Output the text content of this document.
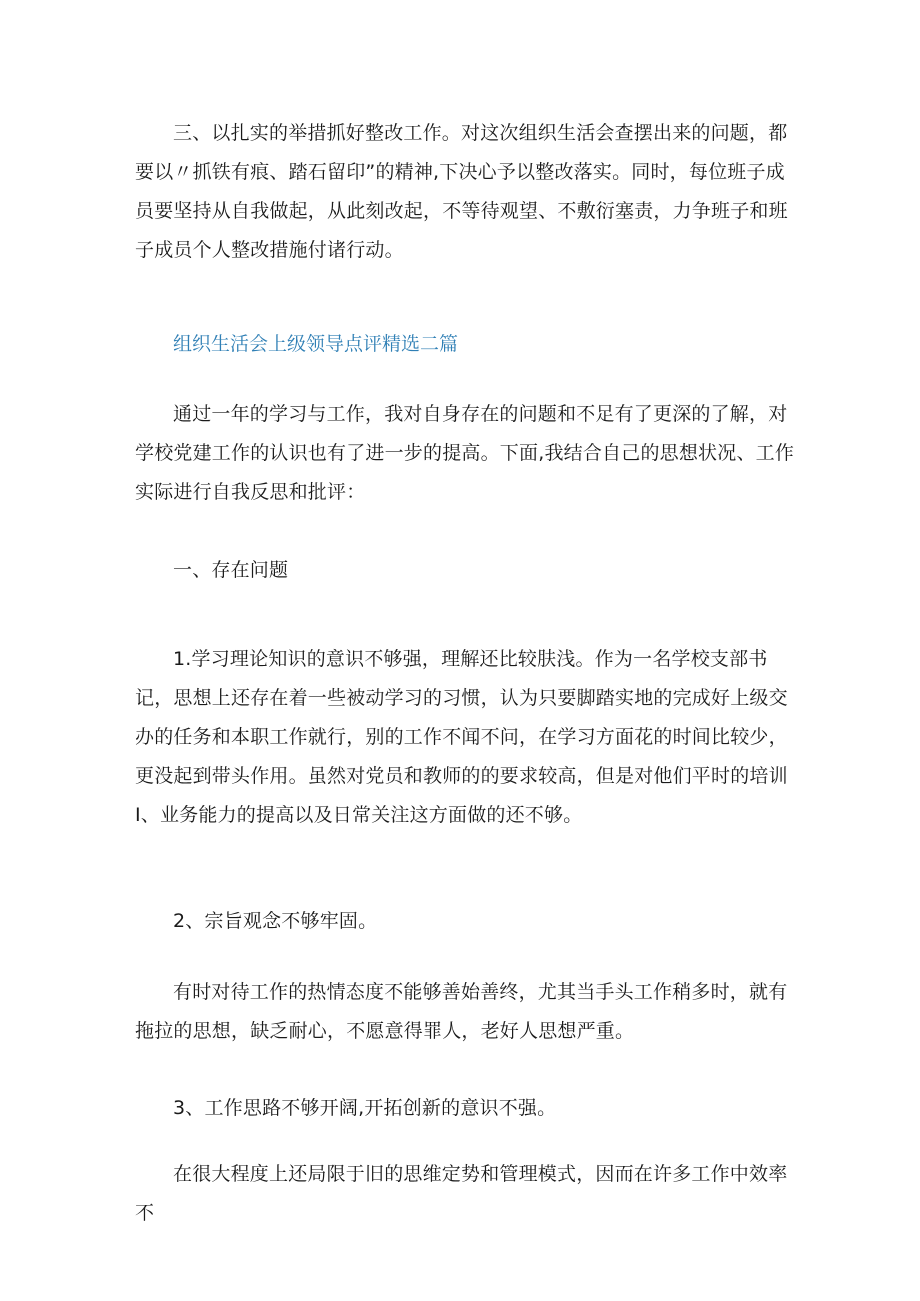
三、以扎实的举措抓好整改工作。对这次组织生活会查摆出来的问题，都要以〃抓铁有痕、踏石留印”的精神,下决心予以整改落实。同时，每位班子成员要坚持从自我做起，从此刻改起，不等待观望、不敷衍塞责，力争班子和班子成员个人整改措施付诸行动。

组织生活会上级领导点评精选二篇

通过一年的学习与工作，我对自身存在的问题和不足有了更深的了解，对学校党建工作的认识也有了进一步的提高。下面,我结合自己的思想状况、工作实际进行自我反思和批评：

一、存在问题

1.学习理论知识的意识不够强，理解还比较肤浅。作为一名学校支部书记，思想上还存在着一些被动学习的习惯，认为只要脚踏实地的完成好上级交办的任务和本职工作就行，别的工作不闻不问，在学习方面花的时间比较少，更没起到带头作用。虽然对党员和教师的的要求较高，但是对他们平时的培训I、业务能力的提高以及日常关注这方面做的还不够。

2、宗旨观念不够牢固。

有时对待工作的热情态度不能够善始善终，尤其当手头工作稍多时，就有拖拉的思想，缺乏耐心，不愿意得罪人，老好人思想严重。

3、工作思路不够开阔,开拓创新的意识不强。

在很大程度上还局限于旧的思维定势和管理模式，因而在许多工作中效率不
